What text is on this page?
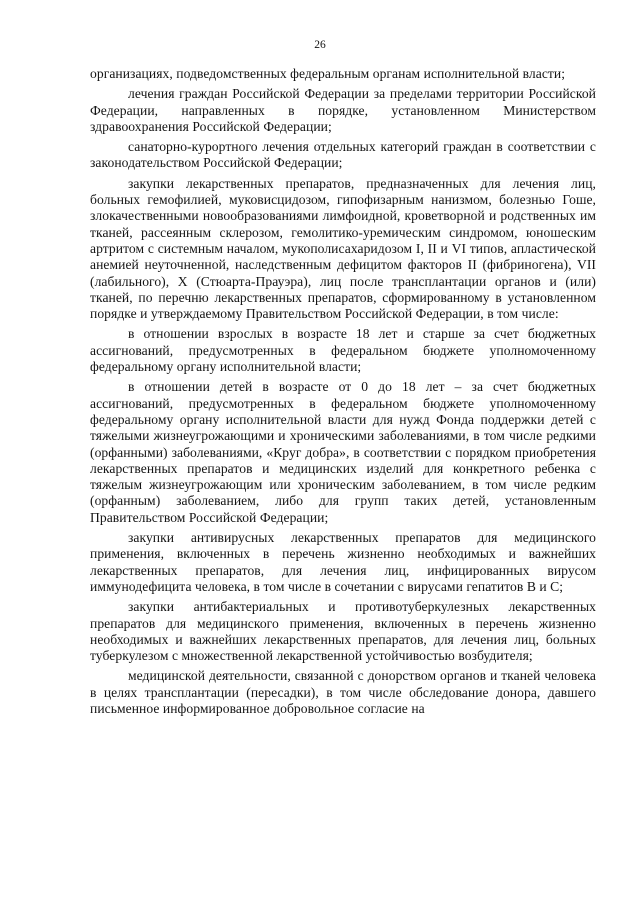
26

организациях, подведомственных федеральным органам исполнительной власти;

лечения граждан Российской Федерации за пределами территории Российской Федерации, направленных в порядке, установленном Министерством здравоохранения Российской Федерации;

санаторно-курортного лечения отдельных категорий граждан в соответствии с законодательством Российской Федерации;

закупки лекарственных препаратов, предназначенных для лечения лиц, больных гемофилией, муковисцидозом, гипофизарным нанизмом, болезнью Гоше, злокачественными новообразованиями лимфоидной, кроветворной и родственных им тканей, рассеянным склерозом, гемолитико-уремическим синдромом, юношеским артритом с системным началом, мукополисахаридозом I, II и VI типов, апластической анемией неуточненной, наследственным дефицитом факторов II (фибриногена), VII (лабильного), X (Стюарта-Прауэра), лиц после трансплантации органов и (или) тканей, по перечню лекарственных препаратов, сформированному в установленном порядке и утверждаемому Правительством Российской Федерации, в том числе:

в отношении взрослых в возрасте 18 лет и старше за счет бюджетных ассигнований, предусмотренных в федеральном бюджете уполномоченному федеральному органу исполнительной власти;

в отношении детей в возрасте от 0 до 18 лет – за счет бюджетных ассигнований, предусмотренных в федеральном бюджете уполномоченному федеральному органу исполнительной власти для нужд Фонда поддержки детей с тяжелыми жизнеугрожающими и хроническими заболеваниями, в том числе редкими (орфанными) заболеваниями, «Круг добра», в соответствии с порядком приобретения лекарственных препаратов и медицинских изделий для конкретного ребенка с тяжелым жизнеугрожающим или хроническим заболеванием, в том числе редким (орфанным) заболеванием, либо для групп таких детей, установленным Правительством Российской Федерации;

закупки антивирусных лекарственных препаратов для медицинского применения, включенных в перечень жизненно необходимых и важнейших лекарственных препаратов, для лечения лиц, инфицированных вирусом иммунодефицита человека, в том числе в сочетании с вирусами гепатитов B и C;

закупки антибактериальных и противотуберкулезных лекарственных препаратов для медицинского применения, включенных в перечень жизненно необходимых и важнейших лекарственных препаратов, для лечения лиц, больных туберкулезом с множественной лекарственной устойчивостью возбудителя;

медицинской деятельности, связанной с донорством органов и тканей человека в целях трансплантации (пересадки), в том числе обследование донора, давшего письменное информированное добровольное согласие на
